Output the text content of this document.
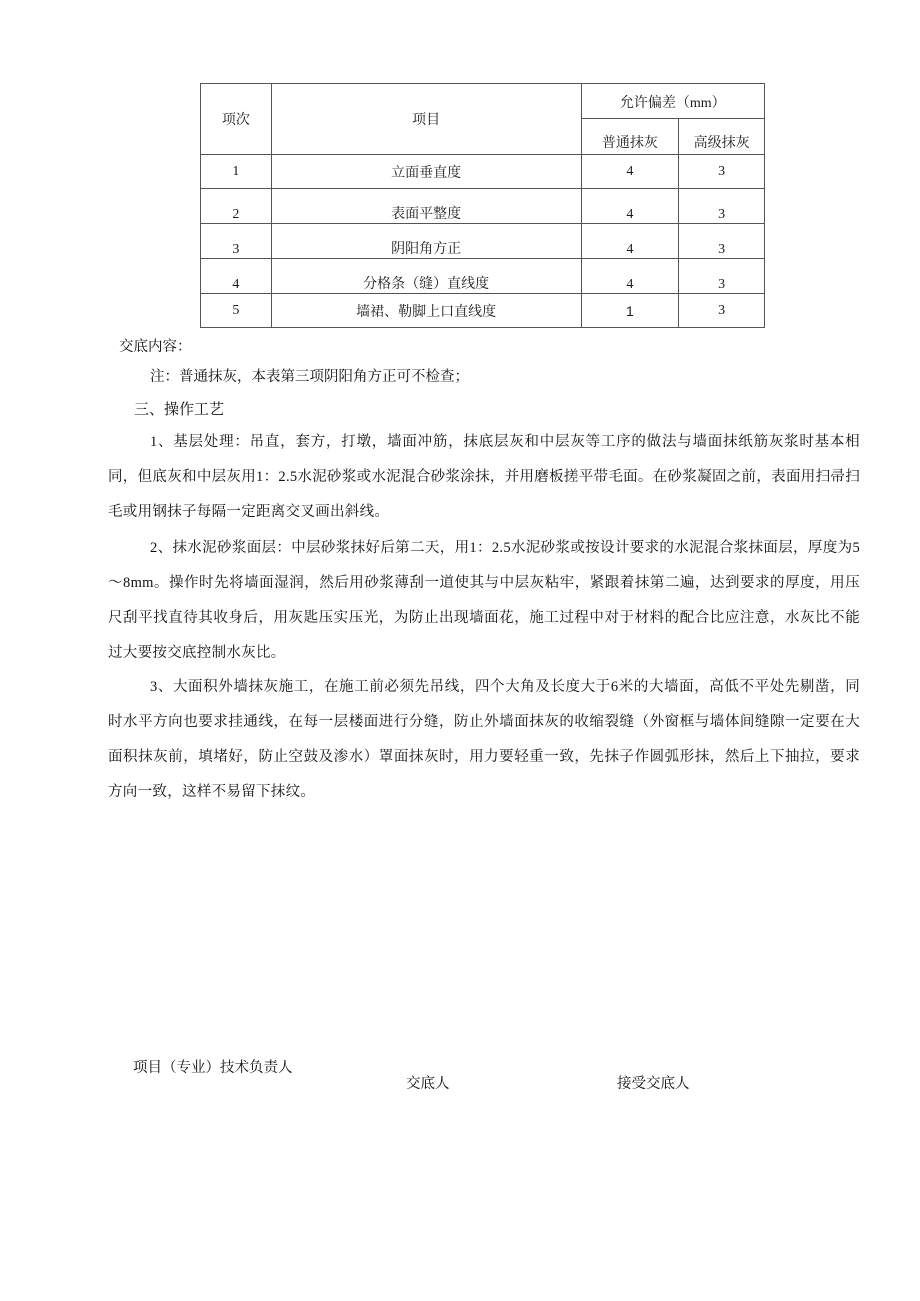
项次	项目	允许偏差（mm）	
		普通抹灰	高级抹灰
1	立面垂直度	4	3
2	表面平整度	4	3
3	阴阳角方正	4	3
4	分格条（缝）直线度	4	3
5	墙裙、勒脚上口直线度	1	3
交底内容：
注：普通抹灰，本表第三项阴阳角方正可不检查；
三、操作工艺
1、基层处理：吊直，套方，打墩，墙面冲筋，抹底层灰和中层灰等工序的做法与墙面抹纸筋灰浆时基本相同，但底灰和中层灰用1：2.5水泥砂浆或水泥混合砂浆涂抹，并用磨板搓平带毛面。在砂浆凝固之前，表面用扫帚扫毛或用钢抹子每隔一定距离交叉画出斜线。
2、抹水泥砂浆面层：中层砂浆抹好后第二天，用1：2.5水泥砂浆或按设计要求的水泥混合浆抹面层，厚度为5～8mm。操作时先将墙面湿润，然后用砂浆薄刮一道使其与中层灰粘牢，紧跟着抹第二遍，达到要求的厚度，用压尺刮平找直待其收身后，用灰匙压实压光，为防止出现墙面花，施工过程中对于材料的配合比应注意，水灰比不能过大要按交底控制水灰比。
3、大面积外墙抹灰施工，在施工前必须先吊线，四个大角及长度大于6米的大墙面，高低不平处先剔凿，同时水平方向也要求挂通线，在每一层楼面进行分缝，防止外墙面抹灰的收缩裂缝（外窗框与墙体间缝隙一定要在大面积抹灰前，填堵好，防止空鼓及渗水）罩面抹灰时，用力要轻重一致，先抹子作圆弧形抹，然后上下抽拉，要求方向一致，这样不易留下抹纹。
项目（专业）技术负责人
交底人	接受交底人
